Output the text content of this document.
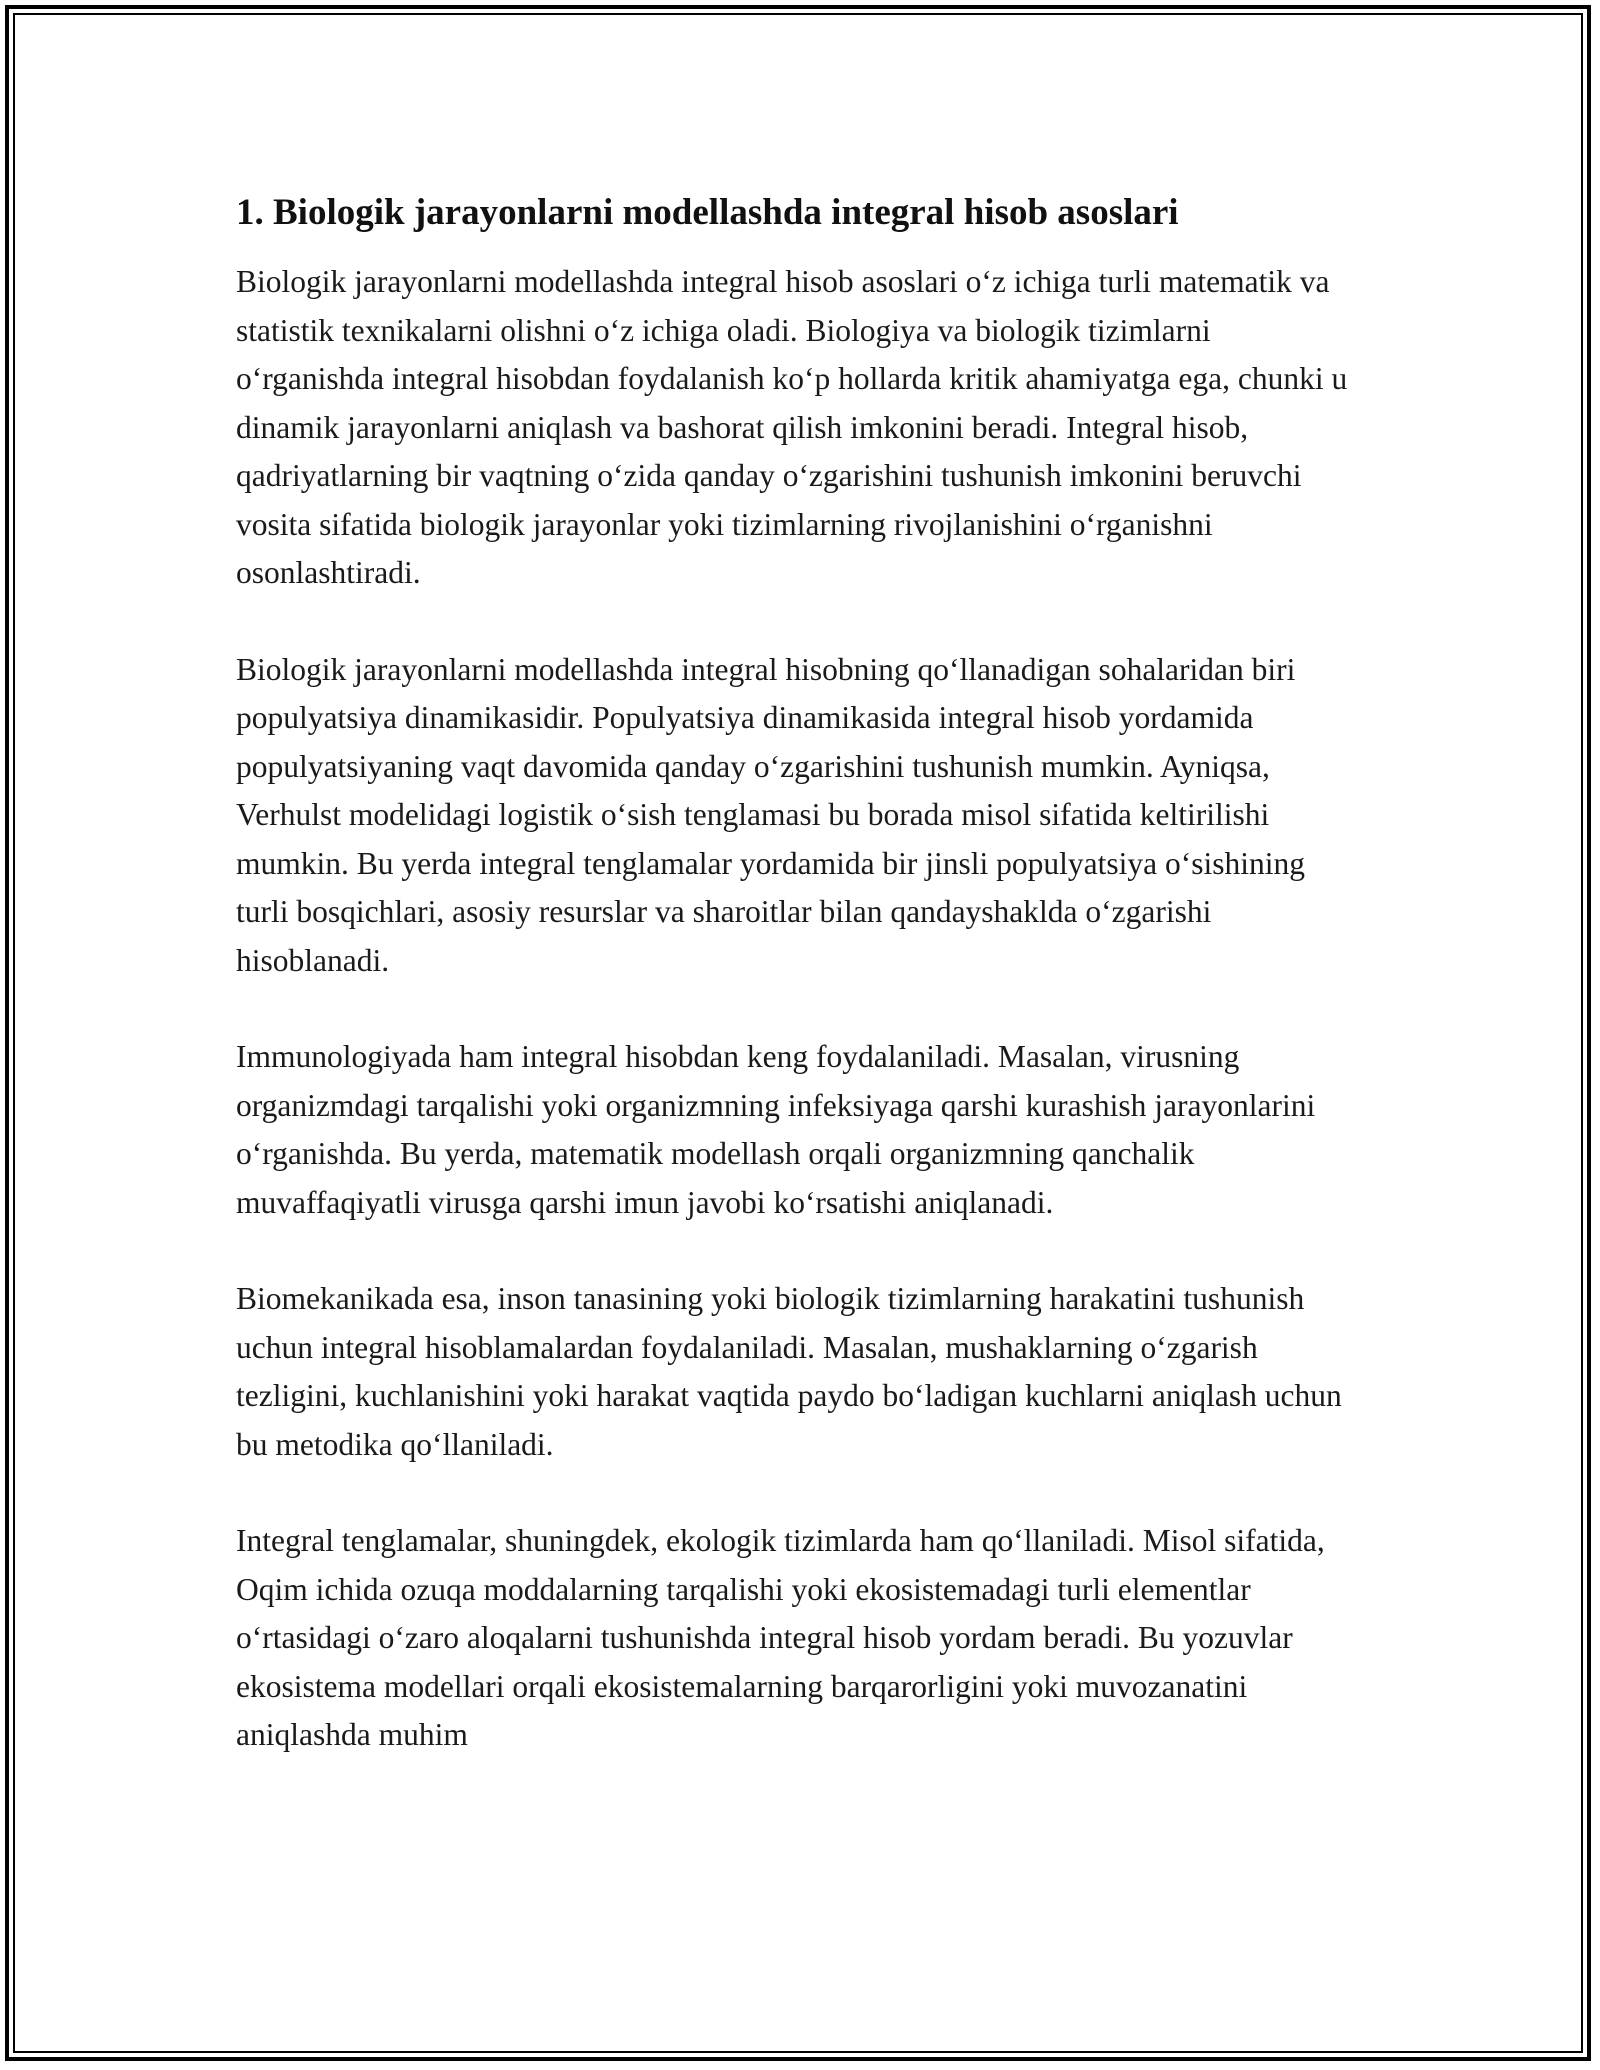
1. Biologik jarayonlarni modellashda integral hisob asoslari

Biologik jarayonlarni modellashda integral hisob asoslari o‘z ichiga turli matematik va statistik texnikalarni olishni o‘z ichiga oladi. Biologiya va biologik tizimlarni o‘rganishda integral hisobdan foydalanish ko‘p hollarda kritik ahamiyatga ega, chunki u dinamik jarayonlarni aniqlash va bashorat qilish imkonini beradi. Integral hisob, qadriyatlarning bir vaqtning o‘zida qanday o‘zgarishini tushunish imkonini beruvchi vosita sifatida biologik jarayonlar yoki tizimlarning rivojlanishini o‘rganishni osonlashtiradi.

Biologik jarayonlarni modellashda integral hisobning qo‘llanadigan sohalaridan biri populyatsiya dinamikasidir. Populyatsiya dinamikasida integral hisob yordamida populyatsiyaning vaqt davomida qanday o‘zgarishini tushunish mumkin. Ayniqsa, Verhulst modelidagi logistik o‘sish tenglamasi bu borada misol sifatida keltirilishi mumkin. Bu yerda integral tenglamalar yordamida bir jinsli populyatsiya o‘sishining turli bosqichlari, asosiy resurslar va sharoitlar bilan qandayshaklda o‘zgarishi hisoblanadi.

Immunologiyada ham integral hisobdan keng foydalaniladi. Masalan, virusning organizmdagi tarqalishi yoki organizmning infeksiyaga qarshi kurashish jarayonlarini o‘rganishda. Bu yerda, matematik modellash orqali organizmning qanchalik muvaffaqiyatli virusga qarshi imun javobi ko‘rsatishi aniqlanadi.

Biomekanikada esa, inson tanasining yoki biologik tizimlarning harakatini tushunish uchun integral hisoblamalardan foydalaniladi. Masalan, mushaklarning o‘zgarish tezligini, kuchlanishini yoki harakat vaqtida paydo bo‘ladigan kuchlarni aniqlash uchun bu metodika qo‘llaniladi.

Integral tenglamalar, shuningdek, ekologik tizimlarda ham qo‘llaniladi. Misol sifatida, Oqim ichida ozuqa moddalarning tarqalishi yoki ekosistemadagi turli elementlar o‘rtasidagi o‘zaro aloqalarni tushunishda integral hisob yordam beradi. Bu yozuvlar ekosistema modellari orqali ekosistemalarning barqarorligini yoki muvozanatini aniqlashda muhim
